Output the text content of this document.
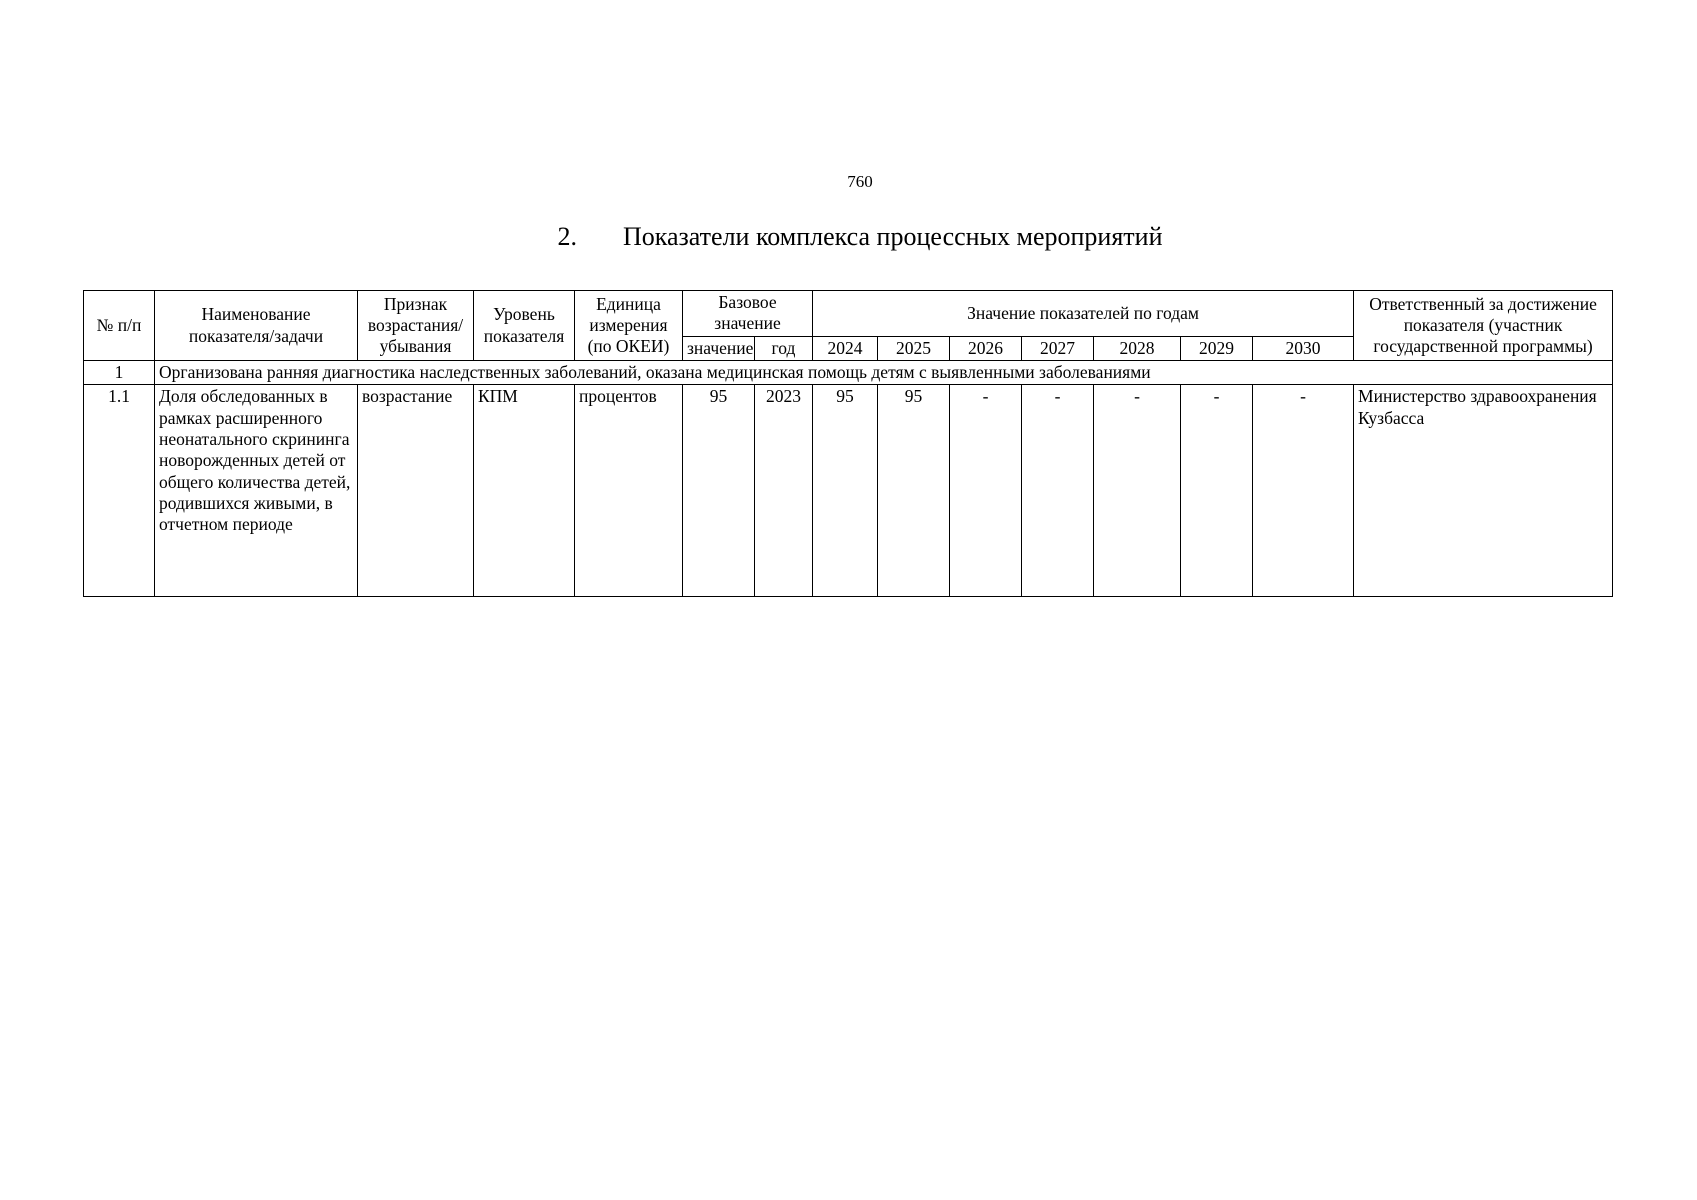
760
2. Показатели комплекса процессных мероприятий
№ п/п	Наименование показателя/задачи	Признак возрастания/ убывания	Уровень показателя	Единица измерения (по ОКЕИ)	Базовое значение		Значение показателей по годам							Ответственный за достижение показателя (участник государственной программы)
					значение	год	2024	2025	2026	2027	2028	2029	2030	
1	Организована ранняя диагностика наследственных заболеваний, оказана медицинская помощь детям с выявленными заболеваниями													
1.1	Доля обследованных в рамках расширенного неонатального скрининга новорожденных детей от общего количества детей, родившихся живыми, в отчетном периоде	возрастание	КПМ	процентов	95	2023	95	95	-	-	-	-	-	Министерство здравоохранения Кузбасса
